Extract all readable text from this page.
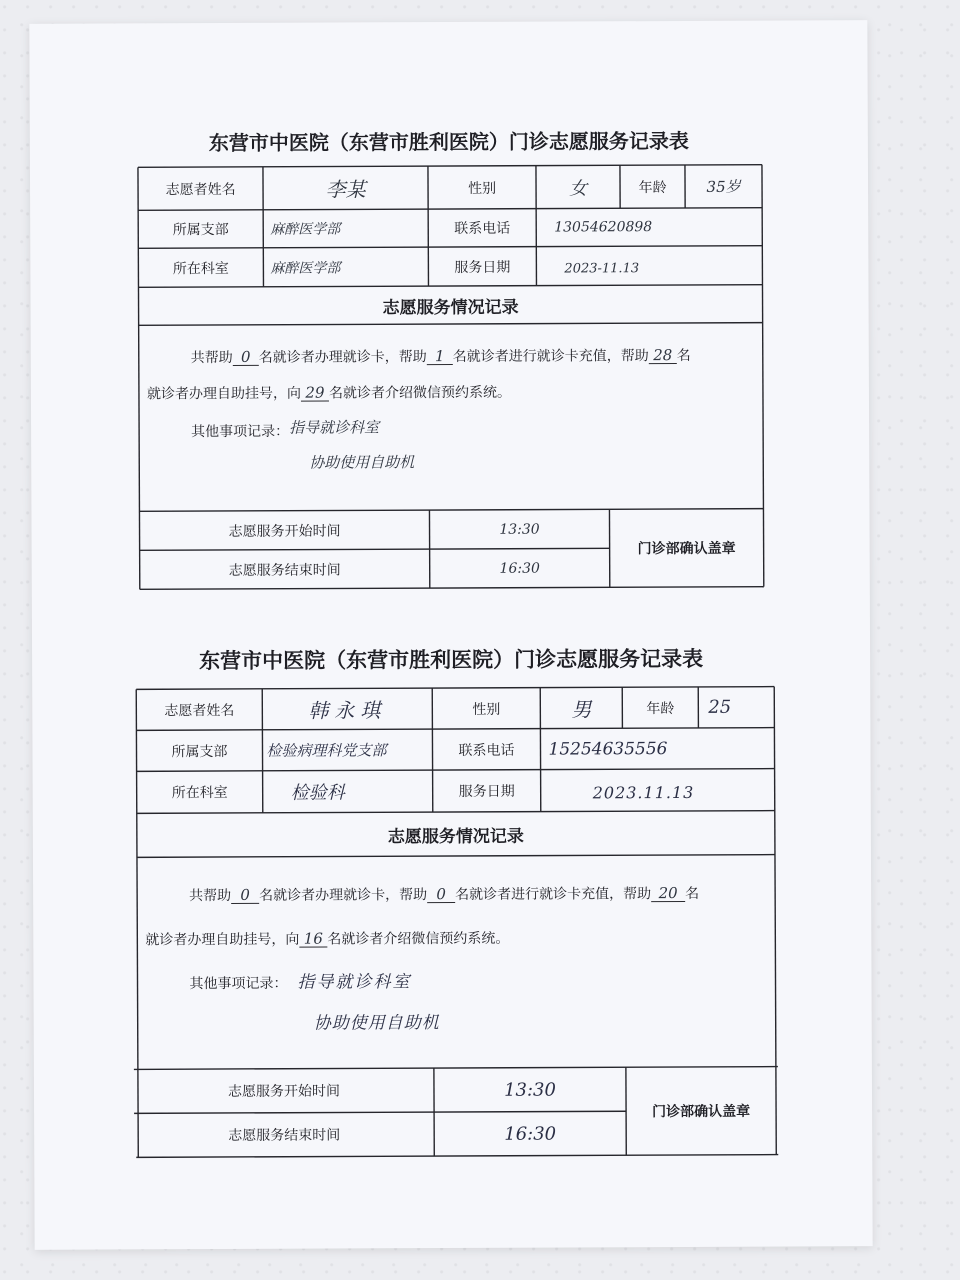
东营市中医院（东营市胜利医院）门诊志愿服务记录表
志愿者姓名	李某	性别	女	年龄	35岁
所属支部	麻醉医学部	联系电话	13054620898
所在科室	麻醉医学部	服务日期	2023-11.13
志愿服务情况记录
共帮助 0 名就诊者办理就诊卡，帮助 1 名就诊者进行就诊卡充值，帮助 28 名
就诊者办理自助挂号，向 29 名就诊者介绍微信预约系统。
其他事项记录： 指导就诊科室
协助使用自助机
志愿服务开始时间	13:30
志愿服务结束时间	16:30
门诊部确认盖章
东营市中医院（东营市胜利医院）门诊志愿服务记录表
志愿者姓名	韩永琪	性别	男	年龄	25
所属支部	检验病理科党支部	联系电话	15254635556
所在科室	检验科	服务日期	2023.11.13
志愿服务情况记录
共帮助 0 名就诊者办理就诊卡，帮助 0 名就诊者进行就诊卡充值，帮助 20 名
就诊者办理自助挂号，向 16 名就诊者介绍微信预约系统。
其他事项记录： 指导就诊科室
协助使用自助机
志愿服务开始时间	13:30
志愿服务结束时间	16:30
门诊部确认盖章
